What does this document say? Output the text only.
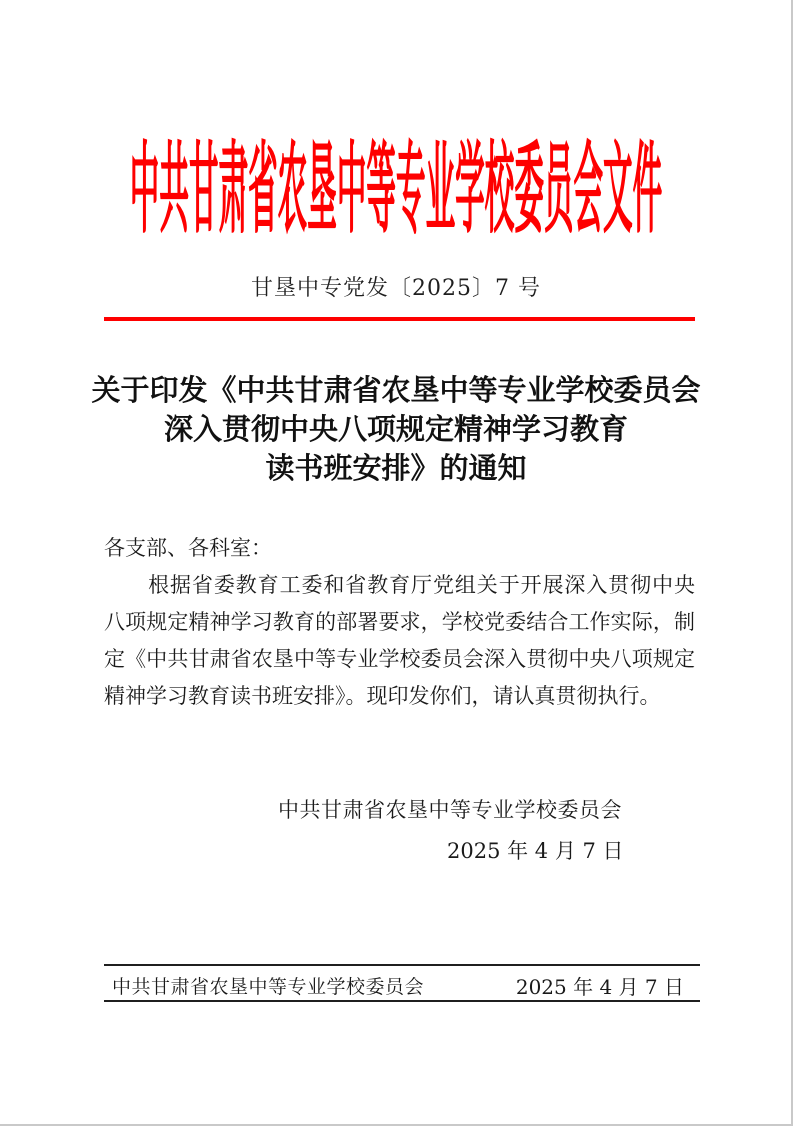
中共甘肃省农垦中等专业学校委员会文件
甘垦中专党发〔2025〕7 号
关于印发《中共甘肃省农垦中等专业学校委员会
深入贯彻中央八项规定精神学习教育
读书班安排》的通知
各支部、各科室：
根据省委教育工委和省教育厅党组关于开展深入贯彻中央
八项规定精神学习教育的部署要求，学校党委结合工作实际，制
定《中共甘肃省农垦中等专业学校委员会深入贯彻中央八项规定
精神学习教育读书班安排》。现印发你们，请认真贯彻执行。
中共甘肃省农垦中等专业学校委员会
2025 年 4 月 7 日
中共甘肃省农垦中等专业学校委员会	2025 年 4 月 7 日
